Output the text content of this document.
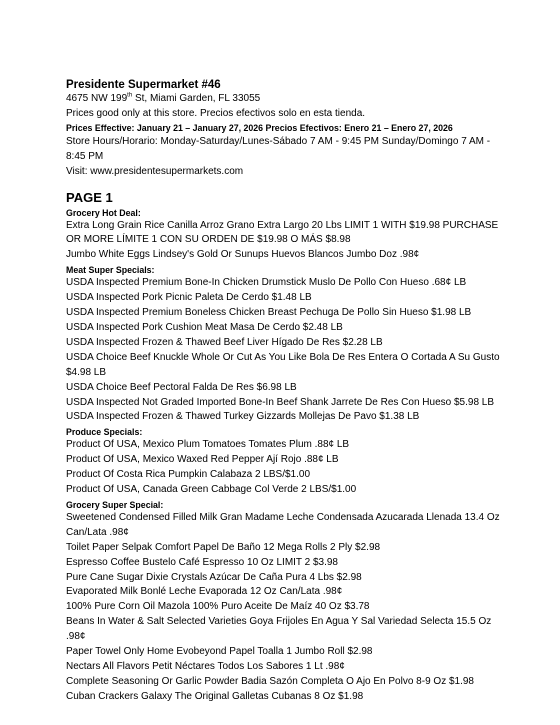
Presidente Supermarket #46
4675 NW 199th St, Miami Garden, FL 33055
Prices good only at this store. Precios efectivos solo en esta tienda.
Prices Effective: January 21 – January 27, 2026 Precios Efectivos: Enero 21 – Enero 27, 2026
Store Hours/Horario: Monday-Saturday/Lunes-Sábado 7 AM - 9:45 PM Sunday/Domingo 7 AM -
8:45 PM
Visit: www.presidentesupermarkets.com
PAGE 1
Grocery Hot Deal:
Extra Long Grain Rice Canilla Arroz Grano Extra Largo 20 Lbs LIMIT 1 WITH $19.98 PURCHASE
OR MORE LÍMITE 1 CON SU ORDEN DE $19.98 O MÁS $8.98
Jumbo White Eggs Lindsey's Gold Or Sunups Huevos Blancos Jumbo Doz .98¢
Meat Super Specials:
USDA Inspected Premium Bone-In Chicken Drumstick Muslo De Pollo Con Hueso .68¢ LB
USDA Inspected Pork Picnic Paleta De Cerdo $1.48 LB
USDA Inspected Premium Boneless Chicken Breast Pechuga De Pollo Sin Hueso $1.98 LB
USDA Inspected Pork Cushion Meat Masa De Cerdo $2.48 LB
USDA Inspected Frozen & Thawed Beef Liver Hígado De Res $2.28 LB
USDA Choice Beef Knuckle Whole Or Cut As You Like Bola De Res Entera O Cortada A Su Gusto
$4.98 LB
USDA Choice Beef Pectoral Falda De Res $6.98 LB
USDA Inspected Not Graded Imported Bone-In Beef Shank Jarrete De Res Con Hueso $5.98 LB
USDA Inspected Frozen & Thawed Turkey Gizzards Mollejas De Pavo $1.38 LB
Produce Specials:
Product Of USA, Mexico Plum Tomatoes Tomates Plum .88¢ LB
Product Of USA, Mexico Waxed Red Pepper Ají Rojo .88¢ LB
Product Of Costa Rica Pumpkin Calabaza 2 LBS/$1.00
Product Of USA, Canada Green Cabbage Col Verde 2 LBS/$1.00
Grocery Super Special:
Sweetened Condensed Filled Milk Gran Madame Leche Condensada Azucarada Llenada 13.4 Oz
Can/Lata .98¢
Toilet Paper Selpak Comfort Papel De Baño 12 Mega Rolls 2 Ply $2.98
Espresso Coffee Bustelo Café Espresso 10 Oz LIMIT 2 $3.98
Pure Cane Sugar Dixie Crystals Azúcar De Caña Pura 4 Lbs $2.98
Evaporated Milk Bonlé Leche Evaporada 12 Oz Can/Lata .98¢
100% Pure Corn Oil Mazola 100% Puro Aceite De Maíz 40 Oz $3.78
Beans In Water & Salt Selected Varieties Goya Frijoles En Agua Y Sal Variedad Selecta 15.5 Oz
.98¢
Paper Towel Only Home Evobeyond Papel Toalla 1 Jumbo Roll $2.98
Nectars All Flavors Petit Néctares Todos Los Sabores 1 Lt .98¢
Complete Seasoning Or Garlic Powder Badia Sazón Completa O Ajo En Polvo 8-9 Oz $1.98
Cuban Crackers Galaxy The Original Galletas Cubanas 8 Oz $1.98
